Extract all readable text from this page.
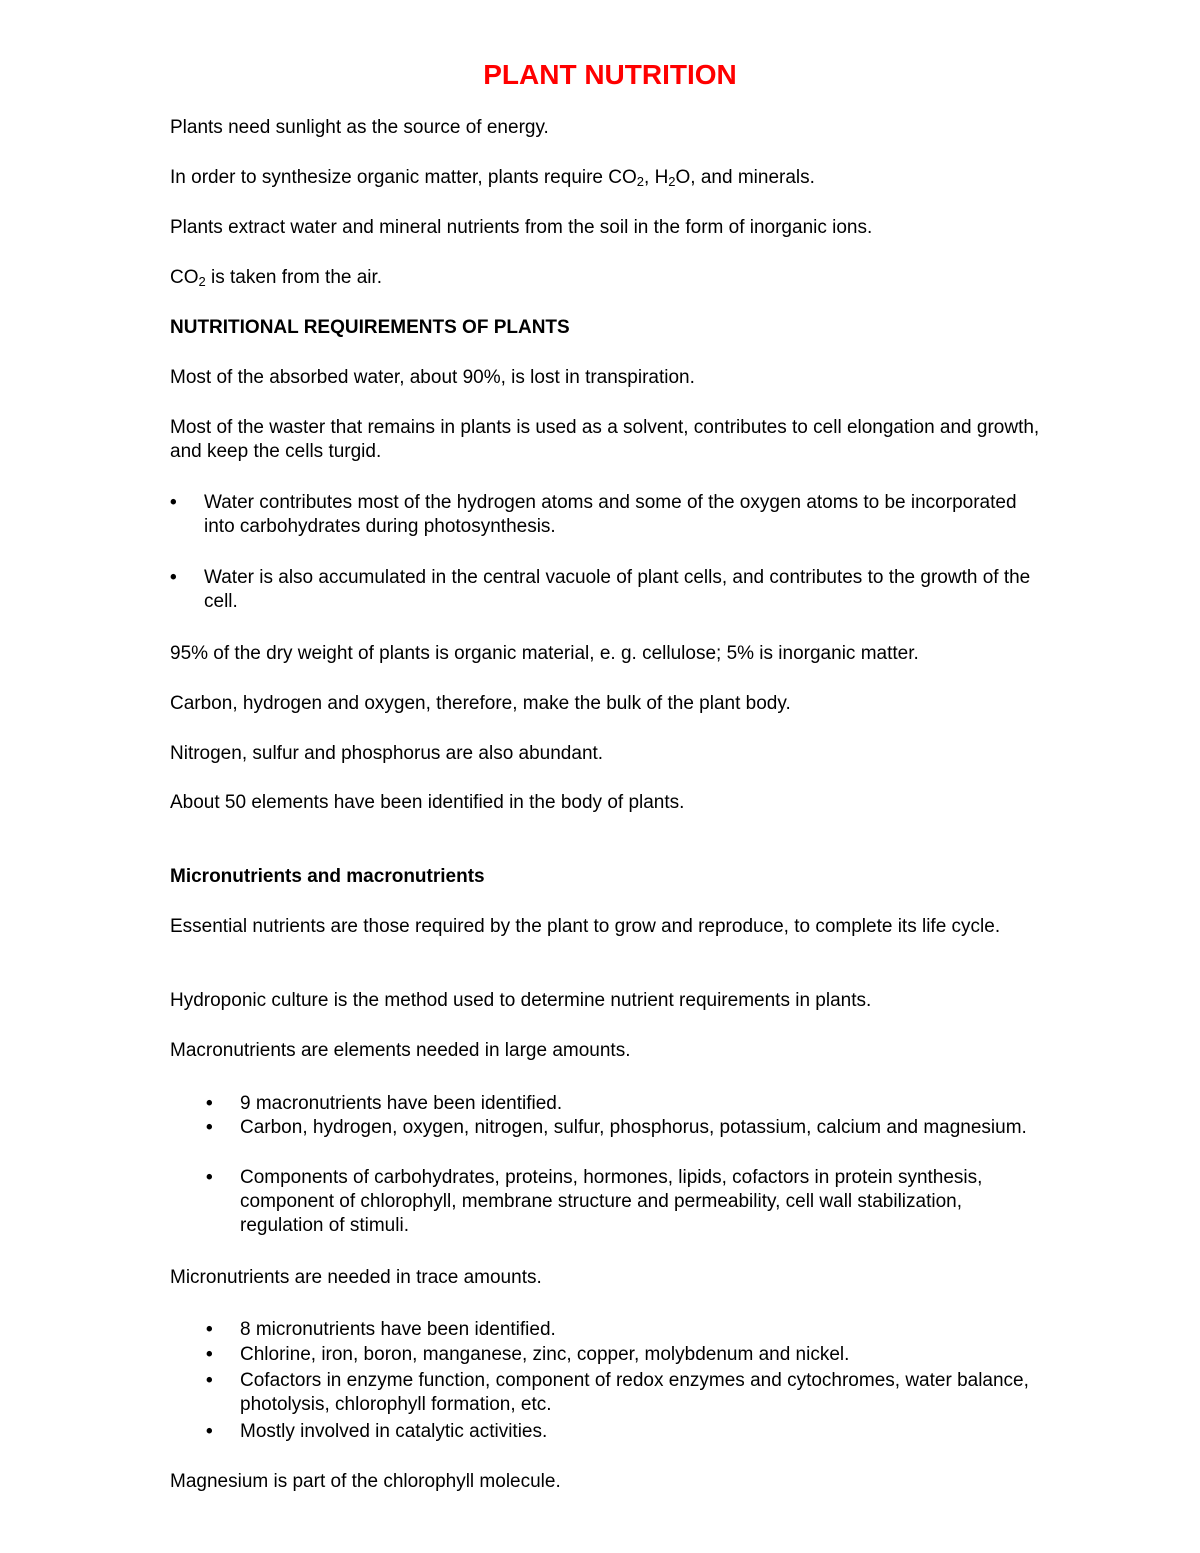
PLANT NUTRITION

Plants need sunlight as the source of energy.

In order to synthesize organic matter, plants require $CO_2$, $H_2O$, and minerals.

Plants extract water and mineral nutrients from the soil in the form of inorganic ions.

$CO_2$ is taken from the air.

NUTRITIONAL REQUIREMENTS OF PLANTS

Most of the absorbed water, about 90%, is lost in transpiration.

Most of the waster that remains in plants is used as a solvent, contributes to cell elongation and growth, and keep the cells turgid.

• Water contributes most of the hydrogen atoms and some of the oxygen atoms to be incorporated into carbohydrates during photosynthesis.
• Water is also accumulated in the central vacuole of plant cells, and contributes to the growth of the cell.

95% of the dry weight of plants is organic material, e. g. cellulose; 5% is inorganic matter.

Carbon, hydrogen and oxygen, therefore, make the bulk of the plant body.

Nitrogen, sulfur and phosphorus are also abundant.

About 50 elements have been identified in the body of plants.

Micronutrients and macronutrients

Essential nutrients are those required by the plant to grow and reproduce, to complete its life cycle.

Hydroponic culture is the method used to determine nutrient requirements in plants.

Macronutrients are elements needed in large amounts.

• 9 macronutrients have been identified.
• Carbon, hydrogen, oxygen, nitrogen, sulfur, phosphorus, potassium, calcium and magnesium.
• Components of carbohydrates, proteins, hormones, lipids, cofactors in protein synthesis, component of chlorophyll, membrane structure and permeability, cell wall stabilization, regulation of stimuli.

Micronutrients are needed in trace amounts.

• 8 micronutrients have been identified.
• Chlorine, iron, boron, manganese, zinc, copper, molybdenum and nickel.
• Cofactors in enzyme function, component of redox enzymes and cytochromes, water balance, photolysis, chlorophyll formation, etc.
• Mostly involved in catalytic activities.

Magnesium is part of the chlorophyll molecule.
